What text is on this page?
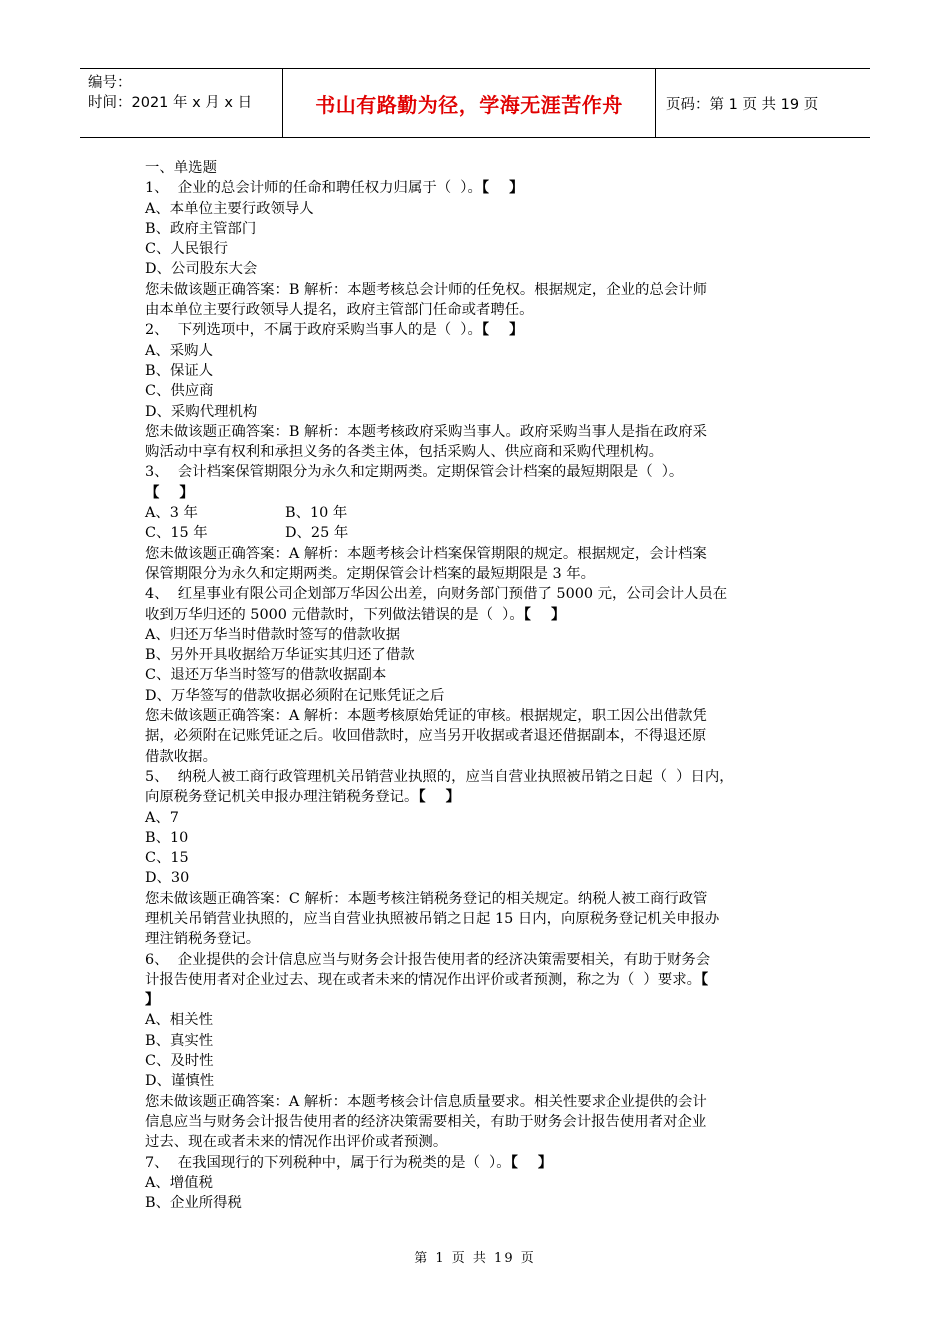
编号：
时间：2021 年 x 月 x 日	书山有路勤为径，学海无涯苦作舟	页码：第 1 页 共 19 页
一、单选题
1、  企业的总会计师的任命和聘任权力归属于（  ）。【    】
A、本单位主要行政领导人
B、政府主管部门
C、人民银行
D、公司股东大会
您未做该题正确答案：B 解析：本题考核总会计师的任免权。根据规定，企业的总会计师
由本单位主要行政领导人提名，政府主管部门任命或者聘任。
2、  下列选项中，不属于政府采购当事人的是（  ）。【    】
A、采购人
B、保证人
C、供应商
D、采购代理机构
您未做该题正确答案：B 解析：本题考核政府采购当事人。政府采购当事人是指在政府采
购活动中享有权利和承担义务的各类主体，包括采购人、供应商和采购代理机构。
3、  会计档案保管期限分为永久和定期两类。定期保管会计档案的最短期限是（  ）。
【    】
A、3 年	B、10 年
C、15 年	D、25 年
您未做该题正确答案：A 解析：本题考核会计档案保管期限的规定。根据规定，会计档案
保管期限分为永久和定期两类。定期保管会计档案的最短期限是 3 年。
4、  红星事业有限公司企划部万华因公出差，向财务部门预借了 5000 元，公司会计人员在
收到万华归还的 5000 元借款时，下列做法错误的是（  ）。【    】
A、归还万华当时借款时签写的借款收据
B、另外开具收据给万华证实其归还了借款
C、退还万华当时签写的借款收据副本
D、万华签写的借款收据必须附在记账凭证之后
您未做该题正确答案：A 解析：本题考核原始凭证的审核。根据规定，职工因公出借款凭
据，必须附在记账凭证之后。收回借款时，应当另开收据或者退还借据副本，不得退还原
借款收据。
5、  纳税人被工商行政管理机关吊销营业执照的，应当自营业执照被吊销之日起（  ）日内，
向原税务登记机关申报办理注销税务登记。【    】
A、7
B、10
C、15
D、30
您未做该题正确答案：C 解析：本题考核注销税务登记的相关规定。纳税人被工商行政管
理机关吊销营业执照的，应当自营业执照被吊销之日起 15 日内，向原税务登记机关申报办
理注销税务登记。
6、  企业提供的会计信息应当与财务会计报告使用者的经济决策需要相关，有助于财务会
计报告使用者对企业过去、现在或者未来的情况作出评价或者预测，称之为（  ）要求。【
】
A、相关性
B、真实性
C、及时性
D、谨慎性
您未做该题正确答案：A 解析：本题考核会计信息质量要求。相关性要求企业提供的会计
信息应当与财务会计报告使用者的经济决策需要相关，有助于财务会计报告使用者对企业
过去、现在或者未来的情况作出评价或者预测。
7、  在我国现行的下列税种中，属于行为税类的是（  ）。【    】
A、增值税
B、企业所得税
第 1 页 共 19 页
